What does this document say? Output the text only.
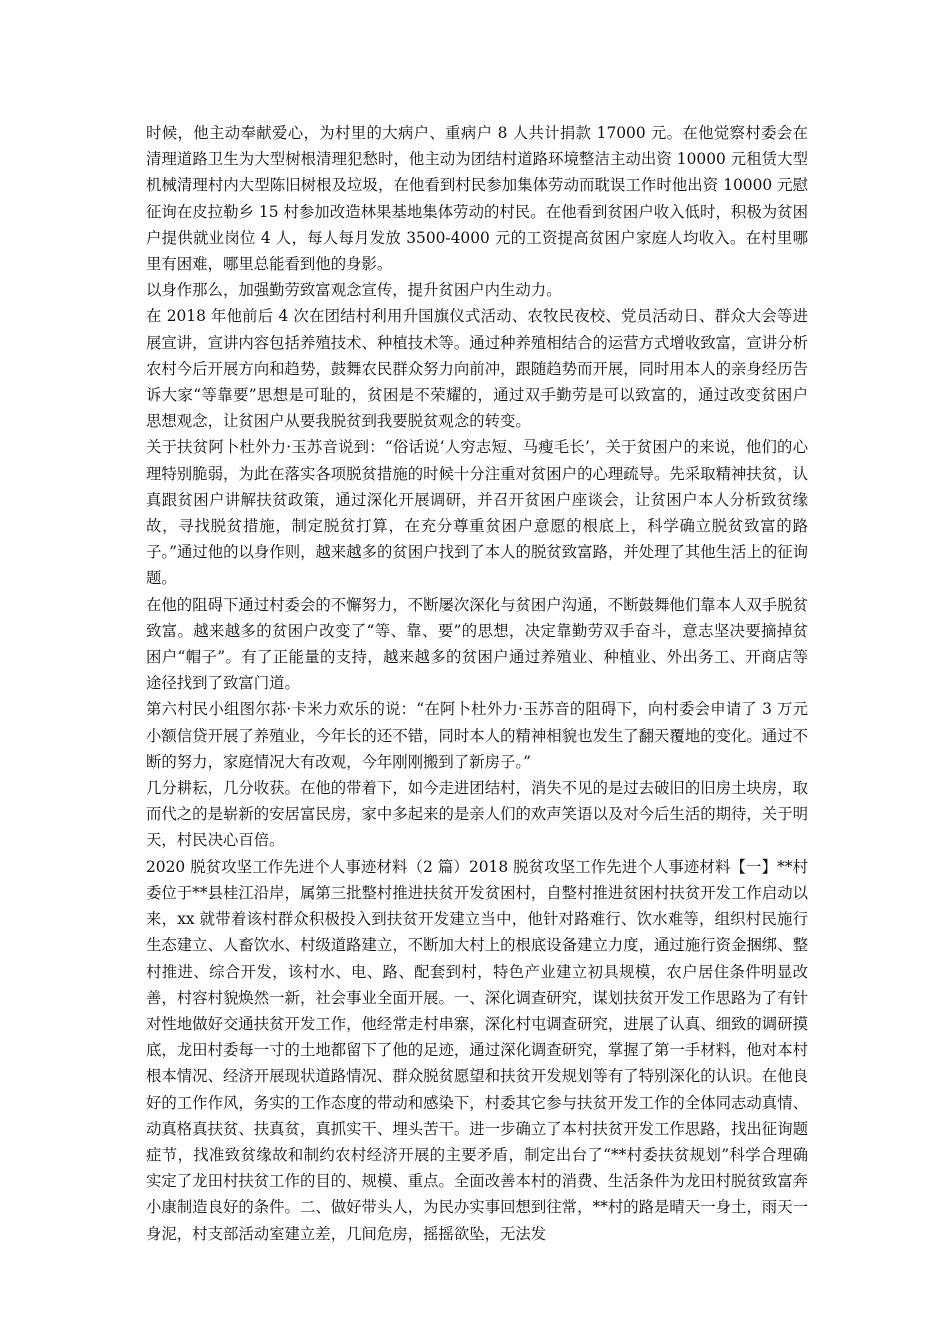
时候，他主动奉献爱心，为村里的大病户、重病户 8 人共计捐款 17000 元。在他觉察村委会在清理道路卫生为大型树根清理犯愁时，他主动为团结村道路环境整洁主动出资 10000 元租赁大型机械清理村内大型陈旧树根及垃圾，在他看到村民参加集体劳动而耽误工作时他出资 10000 元慰征询在皮拉勒乡 15 村参加改造林果基地集体劳动的村民。在他看到贫困户收入低时，积极为贫困户提供就业岗位 4 人，每人每月发放 3500-4000 元的工资提高贫困户家庭人均收入。在村里哪里有困难，哪里总能看到他的身影。

以身作那么，加强勤劳致富观念宣传，提升贫困户内生动力。

在 2018 年他前后 4 次在团结村利用升国旗仪式活动、农牧民夜校、党员活动日、群众大会等进展宣讲，宣讲内容包括养殖技术、种植技术等。通过种养殖相结合的运营方式增收致富，宣讲分析农村今后开展方向和趋势，鼓舞农民群众努力向前冲，跟随趋势而开展，同时用本人的亲身经历告诉大家“等靠要”思想是可耻的，贫困是不荣耀的，通过双手勤劳是可以致富的，通过改变贫困户思想观念，让贫困户从要我脱贫到我要脱贫观念的转变。

关于扶贫阿卜杜外力·玉苏音说到：“俗话说‘人穷志短、马瘦毛长’，关于贫困户的来说，他们的心理特别脆弱，为此在落实各项脱贫措施的时候十分注重对贫困户的心理疏导。先采取精神扶贫，认真跟贫困户讲解扶贫政策，通过深化开展调研，并召开贫困户座谈会，让贫困户本人分析致贫缘故，寻找脱贫措施，制定脱贫打算，在充分尊重贫困户意愿的根底上，科学确立脱贫致富的路子。”通过他的以身作则，越来越多的贫困户找到了本人的脱贫致富路，并处理了其他生活上的征询题。

在他的阻碍下通过村委会的不懈努力，不断屡次深化与贫困户沟通，不断鼓舞他们靠本人双手脱贫致富。越来越多的贫困户改变了“等、靠、要”的思想，决定靠勤劳双手奋斗，意志坚决要摘掉贫困户“帽子”。有了正能量的支持，越来越多的贫困户通过养殖业、种植业、外出务工、开商店等途径找到了致富门道。

第六村民小组图尔荪·卡米力欢乐的说：“在阿卜杜外力·玉苏音的阻碍下，向村委会申请了 3 万元小额信贷开展了养殖业，今年长的还不错，同时本人的精神相貌也发生了翻天覆地的变化。通过不断的努力，家庭情况大有改观，今年刚刚搬到了新房子。”

几分耕耘，几分收获。在他的带着下，如今走进团结村，消失不见的是过去破旧的旧房土块房，取而代之的是崭新的安居富民房，家中多起来的是亲人们的欢声笑语以及对今后生活的期待，关于明天，村民决心百倍。

2020 脱贫攻坚工作先进个人事迹材料（2 篇）2018 脱贫攻坚工作先进个人事迹材料【一】**村委位于**县桂江沿岸，属第三批整村推进扶贫开发贫困村，自整村推进贫困村扶贫开发工作启动以来，xx 就带着该村群众积极投入到扶贫开发建立当中，他针对路难行、饮水难等，组织村民施行生态建立、人畜饮水、村级道路建立，不断加大村上的根底设备建立力度，通过施行资金捆绑、整村推进、综合开发，该村水、电、路、配套到村，特色产业建立初具规模，农户居住条件明显改善，村容村貌焕然一新，社会事业全面开展。一、深化调查研究，谋划扶贫开发工作思路为了有针对性地做好交通扶贫开发工作，他经常走村串寨，深化村屯调查研究，进展了认真、细致的调研摸底，龙田村委每一寸的土地都留下了他的足迹，通过深化调查研究，掌握了第一手材料，他对本村根本情况、经济开展现状道路情况、群众脱贫愿望和扶贫开发规划等有了特别深化的认识。在他良好的工作作风，务实的工作态度的带动和感染下，村委其它参与扶贫开发工作的全体同志动真情、动真格真扶贫、扶真贫，真抓实干、埋头苦干。进一步确立了本村扶贫开发工作思路，找出征询题症节，找准致贫缘故和制约农村经济开展的主要矛盾，制定出台了“**村委扶贫规划”科学合理确实定了龙田村扶贫工作的目的、规模、重点。全面改善本村的消费、生活条件为龙田村脱贫致富奔小康制造良好的条件。二、做好带头人，为民办实事回想到往常，**村的路是晴天一身土，雨天一身泥，村支部活动室建立差，几间危房，摇摇欲坠，无法发
